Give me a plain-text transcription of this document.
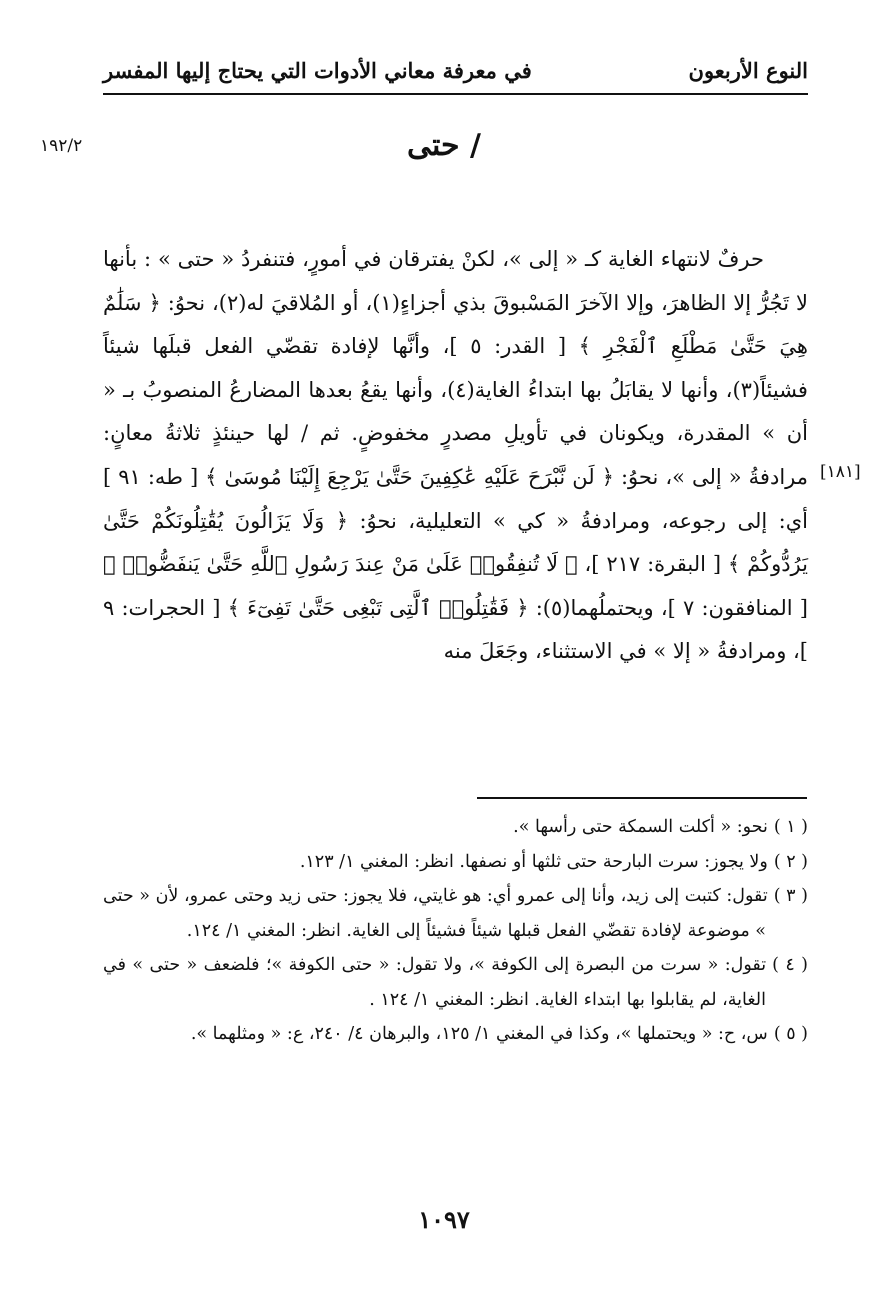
النوع الأربعون
في معرفة معاني الأدوات التي يحتاج إليها المفسر
١٩٢/٢	/ حتى
[١٨١]

حرفٌ لانتهاء الغاية كـ « إلى »، لكنْ يفترقان في أمورٍ، فتنفردُ « حتى » : بأنها لا تَجُرُّ إلا الظاهرَ، وإلا الآخرَ المَسْبوقَ بذي أجزاءٍ(١)، أو المُلاقيَ له(٢)، نحوُ: ﴿ سَلَٰمٌ هِيَ حَتَّىٰ مَطْلَعِ ٱلْفَجْرِ ﴾ [ القدر: ٥ ]، وأنَّها لإفادة تقضّي الفعل قبلَها شيئاً فشيئاً(٣)، وأنها لا يقابَلُ بها ابتداءُ الغاية(٤)، وأنها يقعُ بعدها المضارعُ المنصوبُ بـ « أن » المقدرة، ويكونان في تأويلِ مصدرٍ مخفوضٍ. ثم / لها حينئذٍ ثلاثةُ معانٍ: مرادفةُ « إلى »، نحوُ: ﴿ لَن نَّبْرَحَ عَلَيْهِ عَٰكِفِينَ حَتَّىٰ يَرْجِعَ إِلَيْنَا مُوسَىٰ ﴾ [ طه: ٩١ ] أي: إلى رجوعه، ومرادفةُ « كي » التعليلية، نحوُ: ﴿ وَلَا يَزَالُونَ يُقَٰتِلُونَكُمْ حَتَّىٰ يَرُدُّوكُمْ ﴾ [ البقرة: ٢١٧ ]، ﴿ لَا تُنفِقُوا۟ عَلَىٰ مَنْ عِندَ رَسُولِ ٱللَّهِ حَتَّىٰ يَنفَضُّوا۟ ﴾ [ المنافقون: ٧ ]، ويحتملُهما(٥): ﴿ فَقَٰتِلُوا۟ ٱلَّتِى تَبْغِى حَتَّىٰ تَفِىٓءَ ﴾ [ الحجرات: ٩ ]، ومرادفةُ « إلا » في الاستثناء، وجَعَلَ منه

( ١ )نحو: « أكلت السمكة حتى رأسها ».
( ٢ )ولا يجوز: سرت البارحة حتى ثلثها أو نصفها. انظر: المغني ١/ ١٢٣.
( ٣ )تقول: كتبت إلى زيد، وأنا إلى عمرو أي: هو غايتي، فلا يجوز: حتى زيد وحتى عمرو، لأن « حتى » موضوعة لإفادة تقضّي الفعل قبلها شيئاً فشيئاً إلى الغاية. انظر: المغني ١/ ١٢٤.
( ٤ )تقول: « سرت من البصرة إلى الكوفة »، ولا تقول: « حتى الكوفة »؛ فلضعف « حتى » في الغاية، لم يقابلوا بها ابتداء الغاية. انظر: المغني ١/ ١٢٤ .
( ٥ )س، ح: « ويحتملها »، وكذا في المغني ١/ ١٢٥، والبرهان ٤/ ٢٤٠، ع: « ومثلهما ».
١٠٩٧
